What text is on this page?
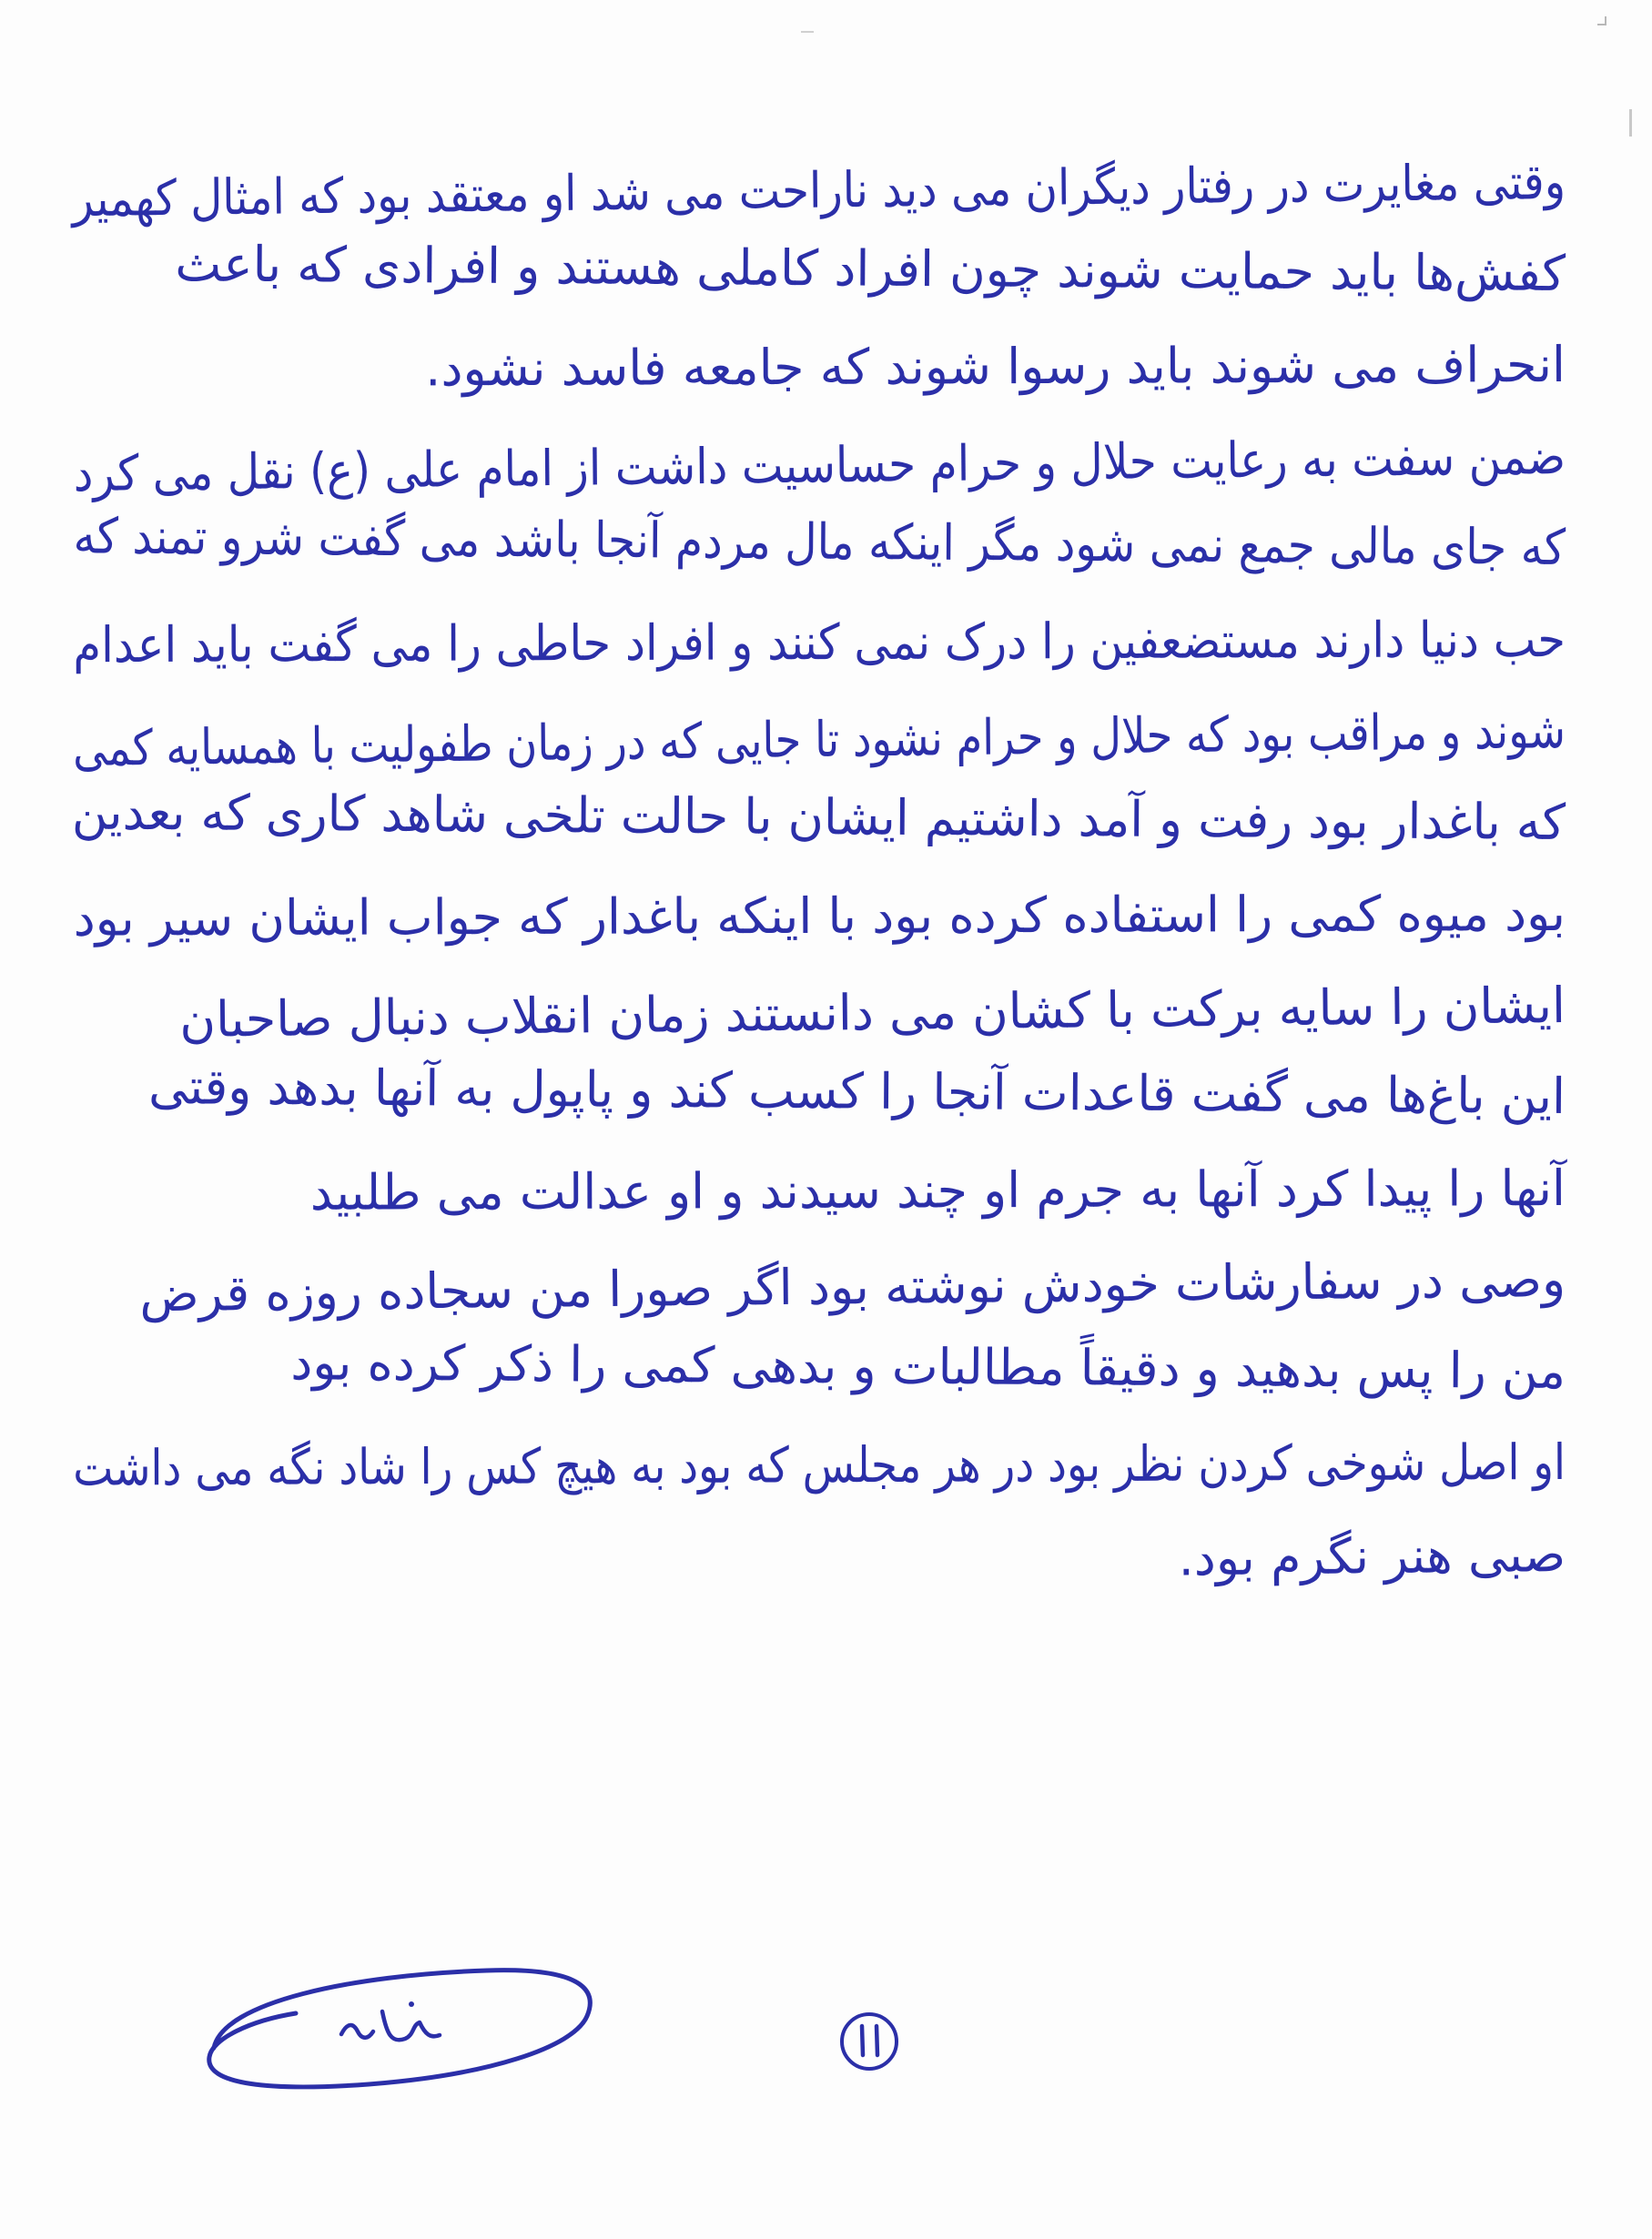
وقتی مغایرت در رفتار دیگران می دید ناراحت می شد او معتقد بود که امثال کهمیر
کفش‌ها باید حمایت شوند چون افراد کاملی هستند و افرادی که باعث
انحراف می شوند باید رسوا شوند که جامعه فاسد نشود.
ضمن سفت به رعایت حلال و حرام حساسیت داشت از امام علی (ع) نقل می کرد
که جای مالی جمع نمی شود مگر اینکه مال مردم آنجا باشد می گفت شرو تمند که
حب دنیا دارند مستضعفین را درک نمی کنند و افراد حاطی را می گفت باید اعدام
شوند و مراقب بود که حلال و حرام نشود تا جایی که در زمان طفولیت با همسایه کمی
که باغدار بود رفت و آمد داشتیم ایشان با حالت تلخی شاهد کاری که بعدین
بود میوه کمی را استفاده کرده بود با اینکه باغدار که جواب ایشان سیر بود
ایشان را سایه برکت با کشان می دانستند زمان انقلاب دنبال صاحبان
این باغ‌ها می گفت قاعدات آنجا را کسب کند و پاپول به آنها بدهد وقتی
آنها را پیدا کرد آنها به جرم او چند سیدند و او عدالت می طلبید
وصی در سفارشات خودش نوشته بود اگر صورا من سجاده روزه قرض
من را پس بدهید و دقیقاً مطالبات و بدهی کمی را ذکر کرده بود
او اصل شوخی کردن نظر بود در هر مجلس که بود به هیچ کس را شاد نگه می داشت
صبی هنر نگرم بود.
